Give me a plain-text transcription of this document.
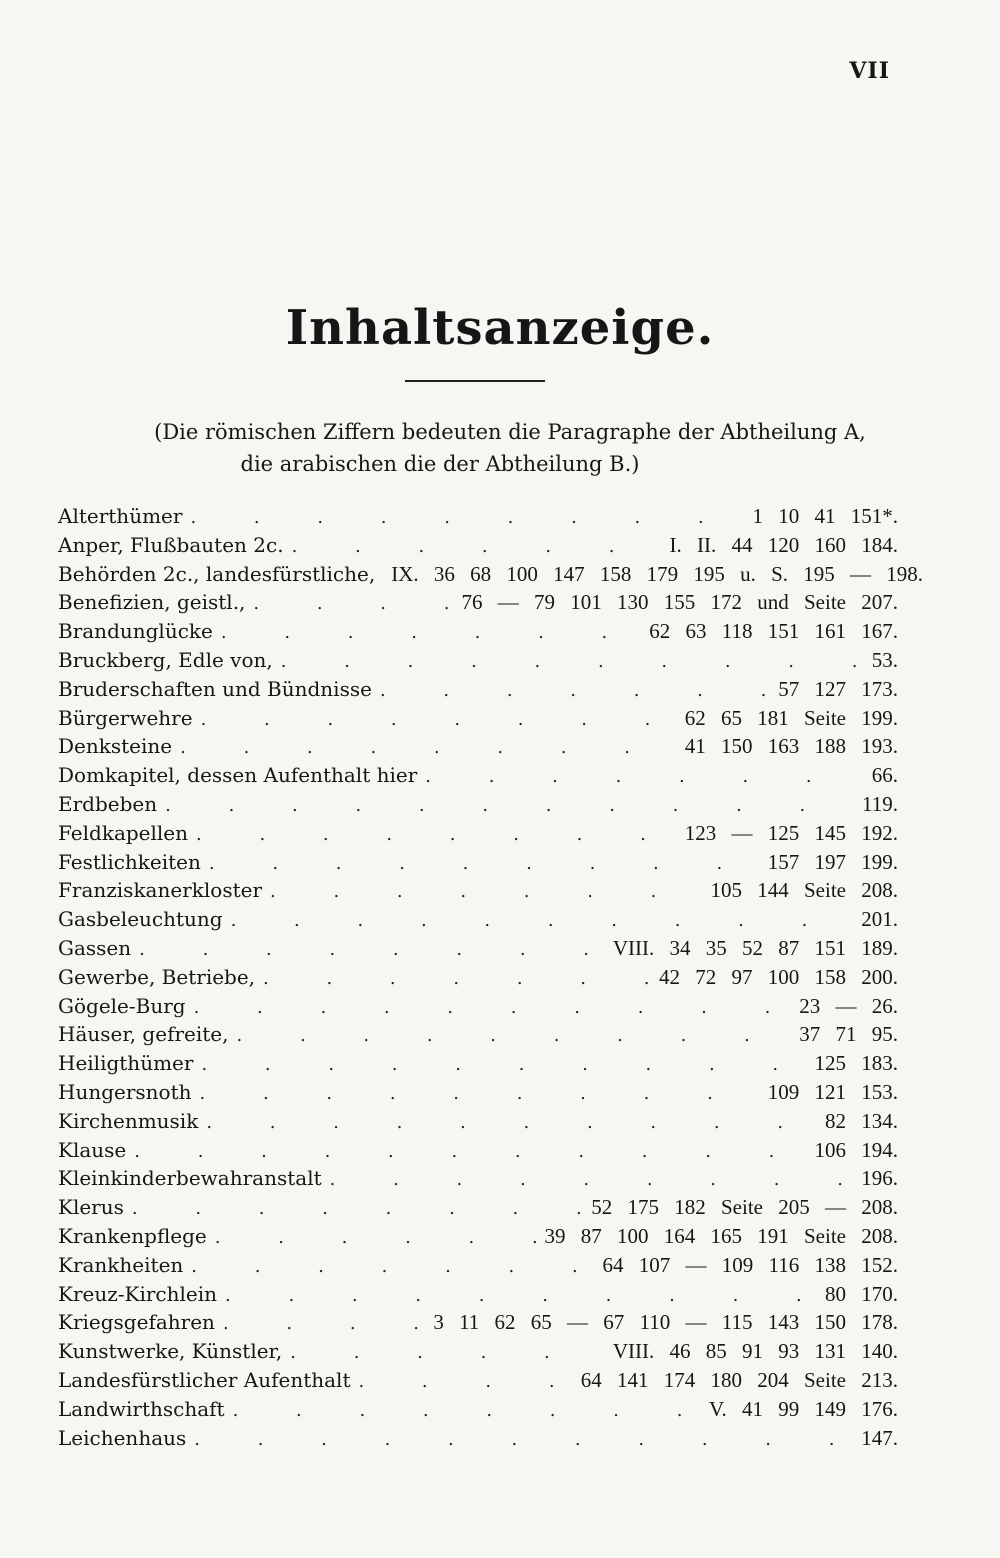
VII
Inhaltsanzeige.
(Die römischen Ziffern bedeuten die Paragraphe der Abtheilung A,
die arabischen die der Abtheilung B.)
Alterthümer . . .	1 10 41 151*.
Anper, Flußbauten 2c. . . .	I. II. 44 120 160 184.
Behörden 2c., landesfürstliche, IX. 36 68 100 147 158 179 195 u. S. 195 — 198.
Benefizien, geistl., . . .	76 — 79 101 130 155 172 und Seite 207.
Brandunglücke . . .	62 63 118 151 161 167.
Bruckberg, Edle von, . . .	53.
Bruderschaften und Bündnisse . . .	57 127 173.
Bürgerwehre . . .	62 65 181 Seite 199.
Denksteine . . .	41 150 163 188 193.
Domkapitel, dessen Aufenthalt hier . . .	66.
Erdbeben . . .	119.
Feldkapellen . . .	123 — 125 145 192.
Festlichkeiten . . .	157 197 199.
Franziskanerkloster . . .	105 144 Seite 208.
Gasbeleuchtung . . .	201.
Gassen . . .	VIII. 34 35 52 87 151 189.
Gewerbe, Betriebe, . . .	42 72 97 100 158 200.
Gögele-Burg . . .	23 — 26.
Häuser, gefreite, . . .	37 71 95.
Heiligthümer . . .	125 183.
Hungersnoth . . .	109 121 153.
Kirchenmusik . . .	82 134.
Klause . . .	106 194.
Kleinkinderbewahranstalt . . .	196.
Klerus . . .	52 175 182 Seite 205 — 208.
Krankenpflege . . .	39 87 100 164 165 191 Seite 208.
Krankheiten . . .	64 107 — 109 116 138 152.
Kreuz-Kirchlein . . .	80 170.
Kriegsgefahren . . .	3 11 62 65 — 67 110 — 115 143 150 178.
Kunstwerke, Künstler, . . .	VIII. 46 85 91 93 131 140.
Landesfürstlicher Aufenthalt . . .	64 141 174 180 204 Seite 213.
Landwirthschaft . . .	V. 41 99 149 176.
Leichenhaus . . .	147.
